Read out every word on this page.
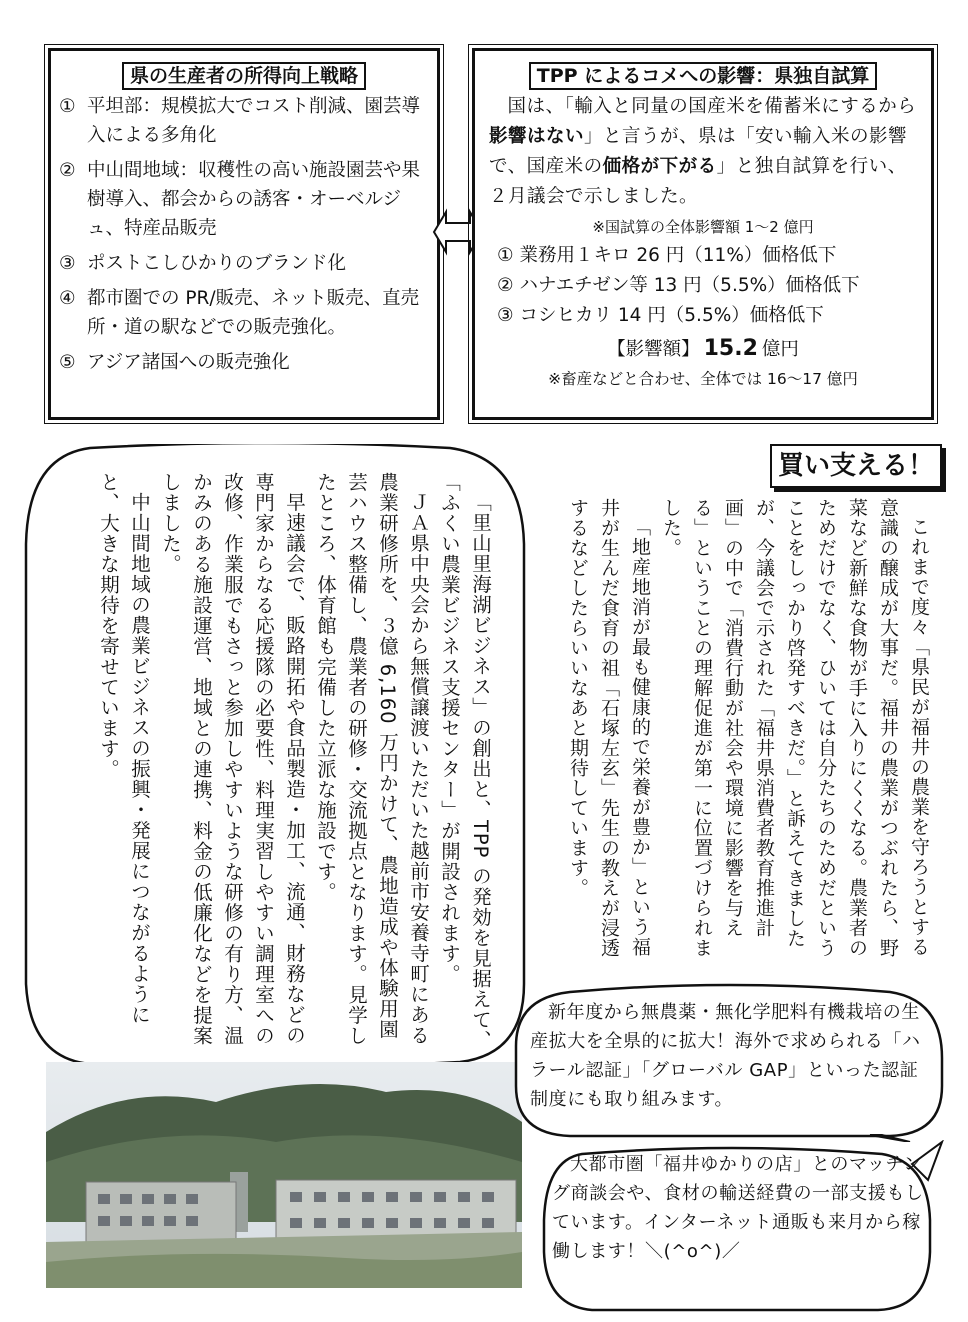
県の生産者の所得向上戦略
① 平坦部：規模拡大でコスト削減、園芸導入による多角化
② 中山間地域：収穫性の高い施設園芸や果樹導入、都会からの誘客・オーベルジュ、特産品販売
③ ポストこしひかりのブランド化
④ 都市圏での PR/販売、ネット販売、直売所・道の駅などでの販売強化。
⑤ アジア諸国への販売強化
TPP によるコメへの影響：県独自試算
国は、「輸入と同量の国産米を備蓄米にするから影響はない」と言うが、県は「安い輸入米の影響で、国産米の価格が下がる」と独自試算を行い、２月議会で示しました。
※国試算の全体影響額 1～2 億円
① 業務用１キロ 26 円（11%）価格低下
② ハナエチゼン等 13 円（5.5%）価格低下
③ コシヒカリ 14 円（5.5%）価格低下
【影響額】 15.2 億円
※畜産などと合わせ、全体では 16～17 億円
買い支える！

これまで度々「県民が福井の農業を守ろうとする意識の醸成が大事だ。福井の農業がつぶれたら、野菜など新鮮な食物が手に入りにくくなる。農業者のためだけでなく、ひいては自分たちのためだということをしっかり啓発すべきだ。」と訴えてきましたが、今議会で示された「福井県消費者教育推進計画」の中で「消費行動が社会や環境に影響を与える」ということの理解促進が第一に位置づけられました。

「地産地消が最も健康的で栄養が豊か」という福井が生んだ食育の祖「石塚左玄」先生の教えが浸透するなどしたらいいなあと期待しています。

「里山里海湖ビジネス」の創出と、TPP の発効を見据えて、「ふくい農業ビジネス支援センター」が開設されます。

ＪＡ県中央会から無償譲渡いただいた越前市安養寺町にある農業研修所を、３億 6,160 万円かけて、農地造成や体験用園芸ハウス整備し、農業者の研修・交流拠点となります。見学したところ、体育館も完備した立派な施設です。

早速議会で、販路開拓や食品製造・加工、流通、財務などの専門家からなる応援隊の必要性、料理実習しやすい調理室への改修、作業服でもさっと参加しやすいような研修の有り方、温かみのある施設運営、地域との連携、料金の低廉化などを提案しました。

中山間地域の農業ビジネスの振興・発展につながるようにと、大きな期待を寄せています。

新年度から無農薬・無化学肥料有機栽培の生産拡大を全県的に拡大！海外で求められる「ハラール認証」「グローバル GAP」といった認証制度にも取り組みます。

大都市圏「福井ゆかりの店」とのマッチング商談会や、食材の輸送経費の一部支援もしています。インターネット通販も来月から稼働します！＼(^o^)／
